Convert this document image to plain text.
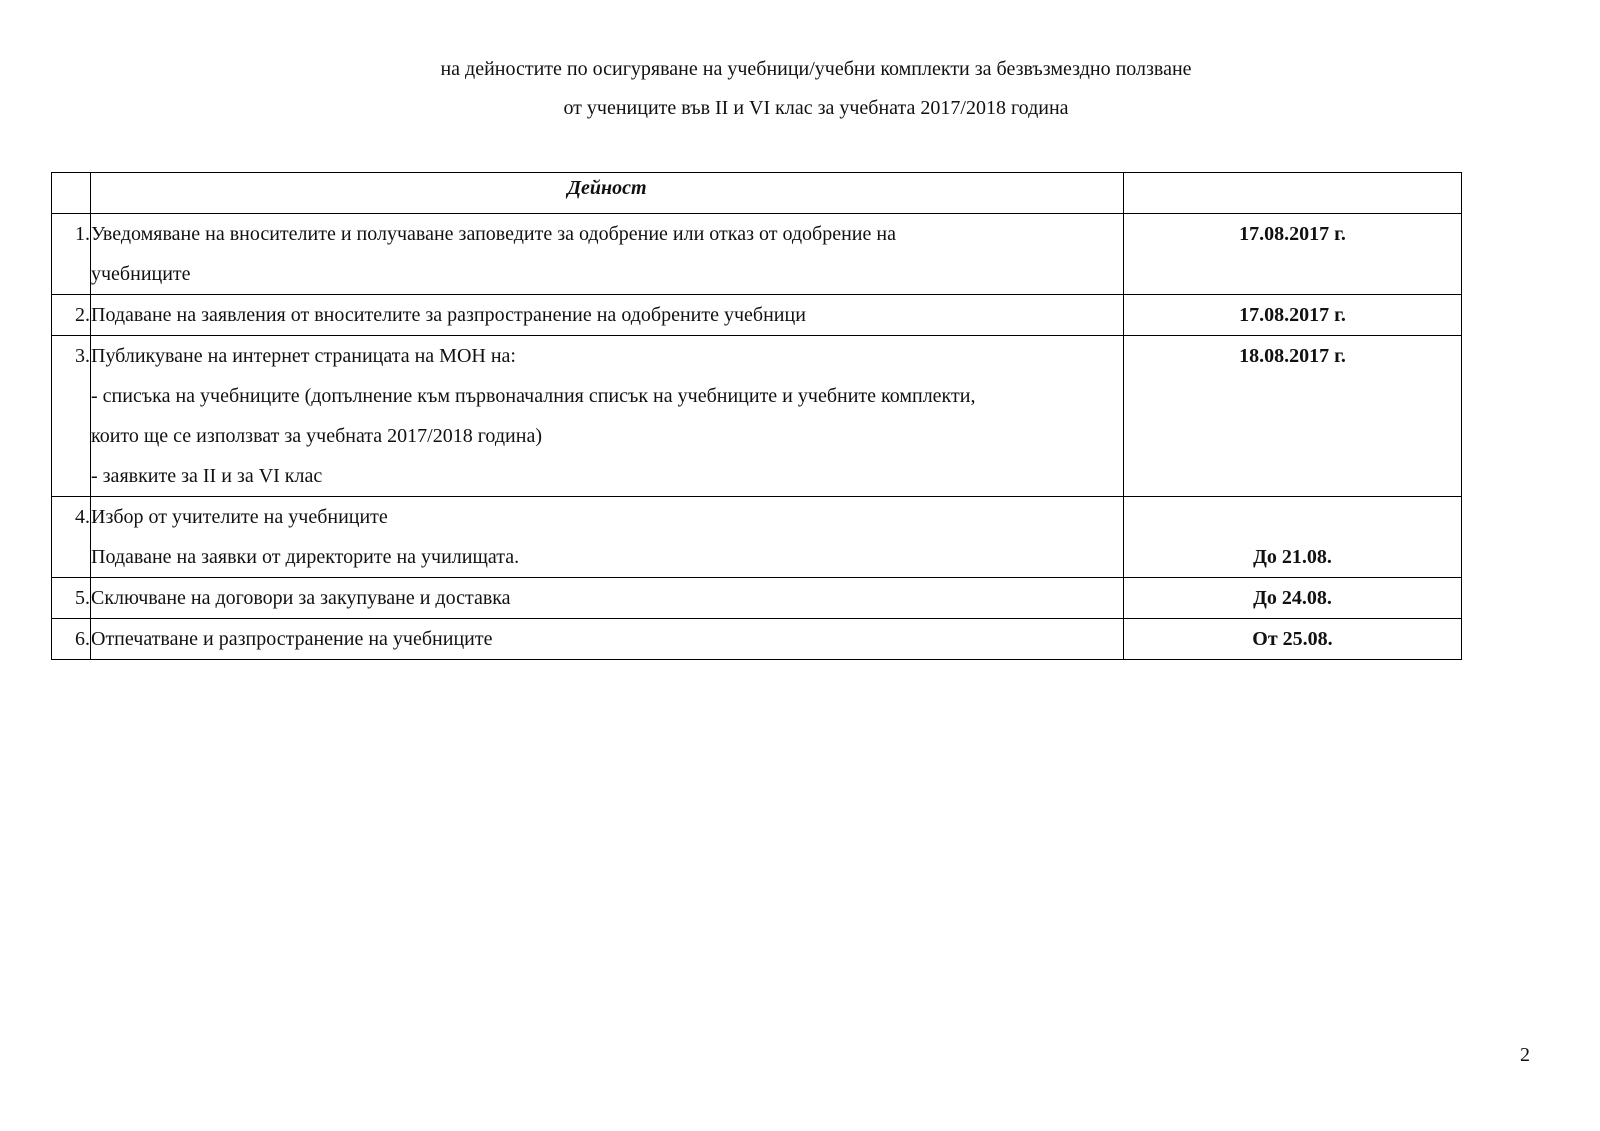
на дейностите по осигуряване на учебници/учебни комплекти за безвъзмездно ползване
от учениците във II и VI клас за учебната 2017/2018 година
	Дейност	
1.	Уведомяване на вносителите и получаване заповедите за одобрение или отказ от одобрение на
учебниците	17.08.2017 г.

2.	Подаване на заявления от вносителите за разпространение на одобрените учебници	17.08.2017 г.

3.	Публикуване на интернет страницата на МОН на:
- списъка на учебниците (допълнение към първоначалния списък на учебниците и учебните комплекти,
които ще се използват за учебната 2017/2018 година)
- заявките за II и за VI клас	18.08.2017 г.

4.	Избор от учителите на учебниците
Подаване на заявки от директорите на училищата.	До 21.08.

5.	Сключване на договори за закупуване и доставка	До 24.08.

6.	Отпечатване и разпространение на учебниците	От 25.08.
2
